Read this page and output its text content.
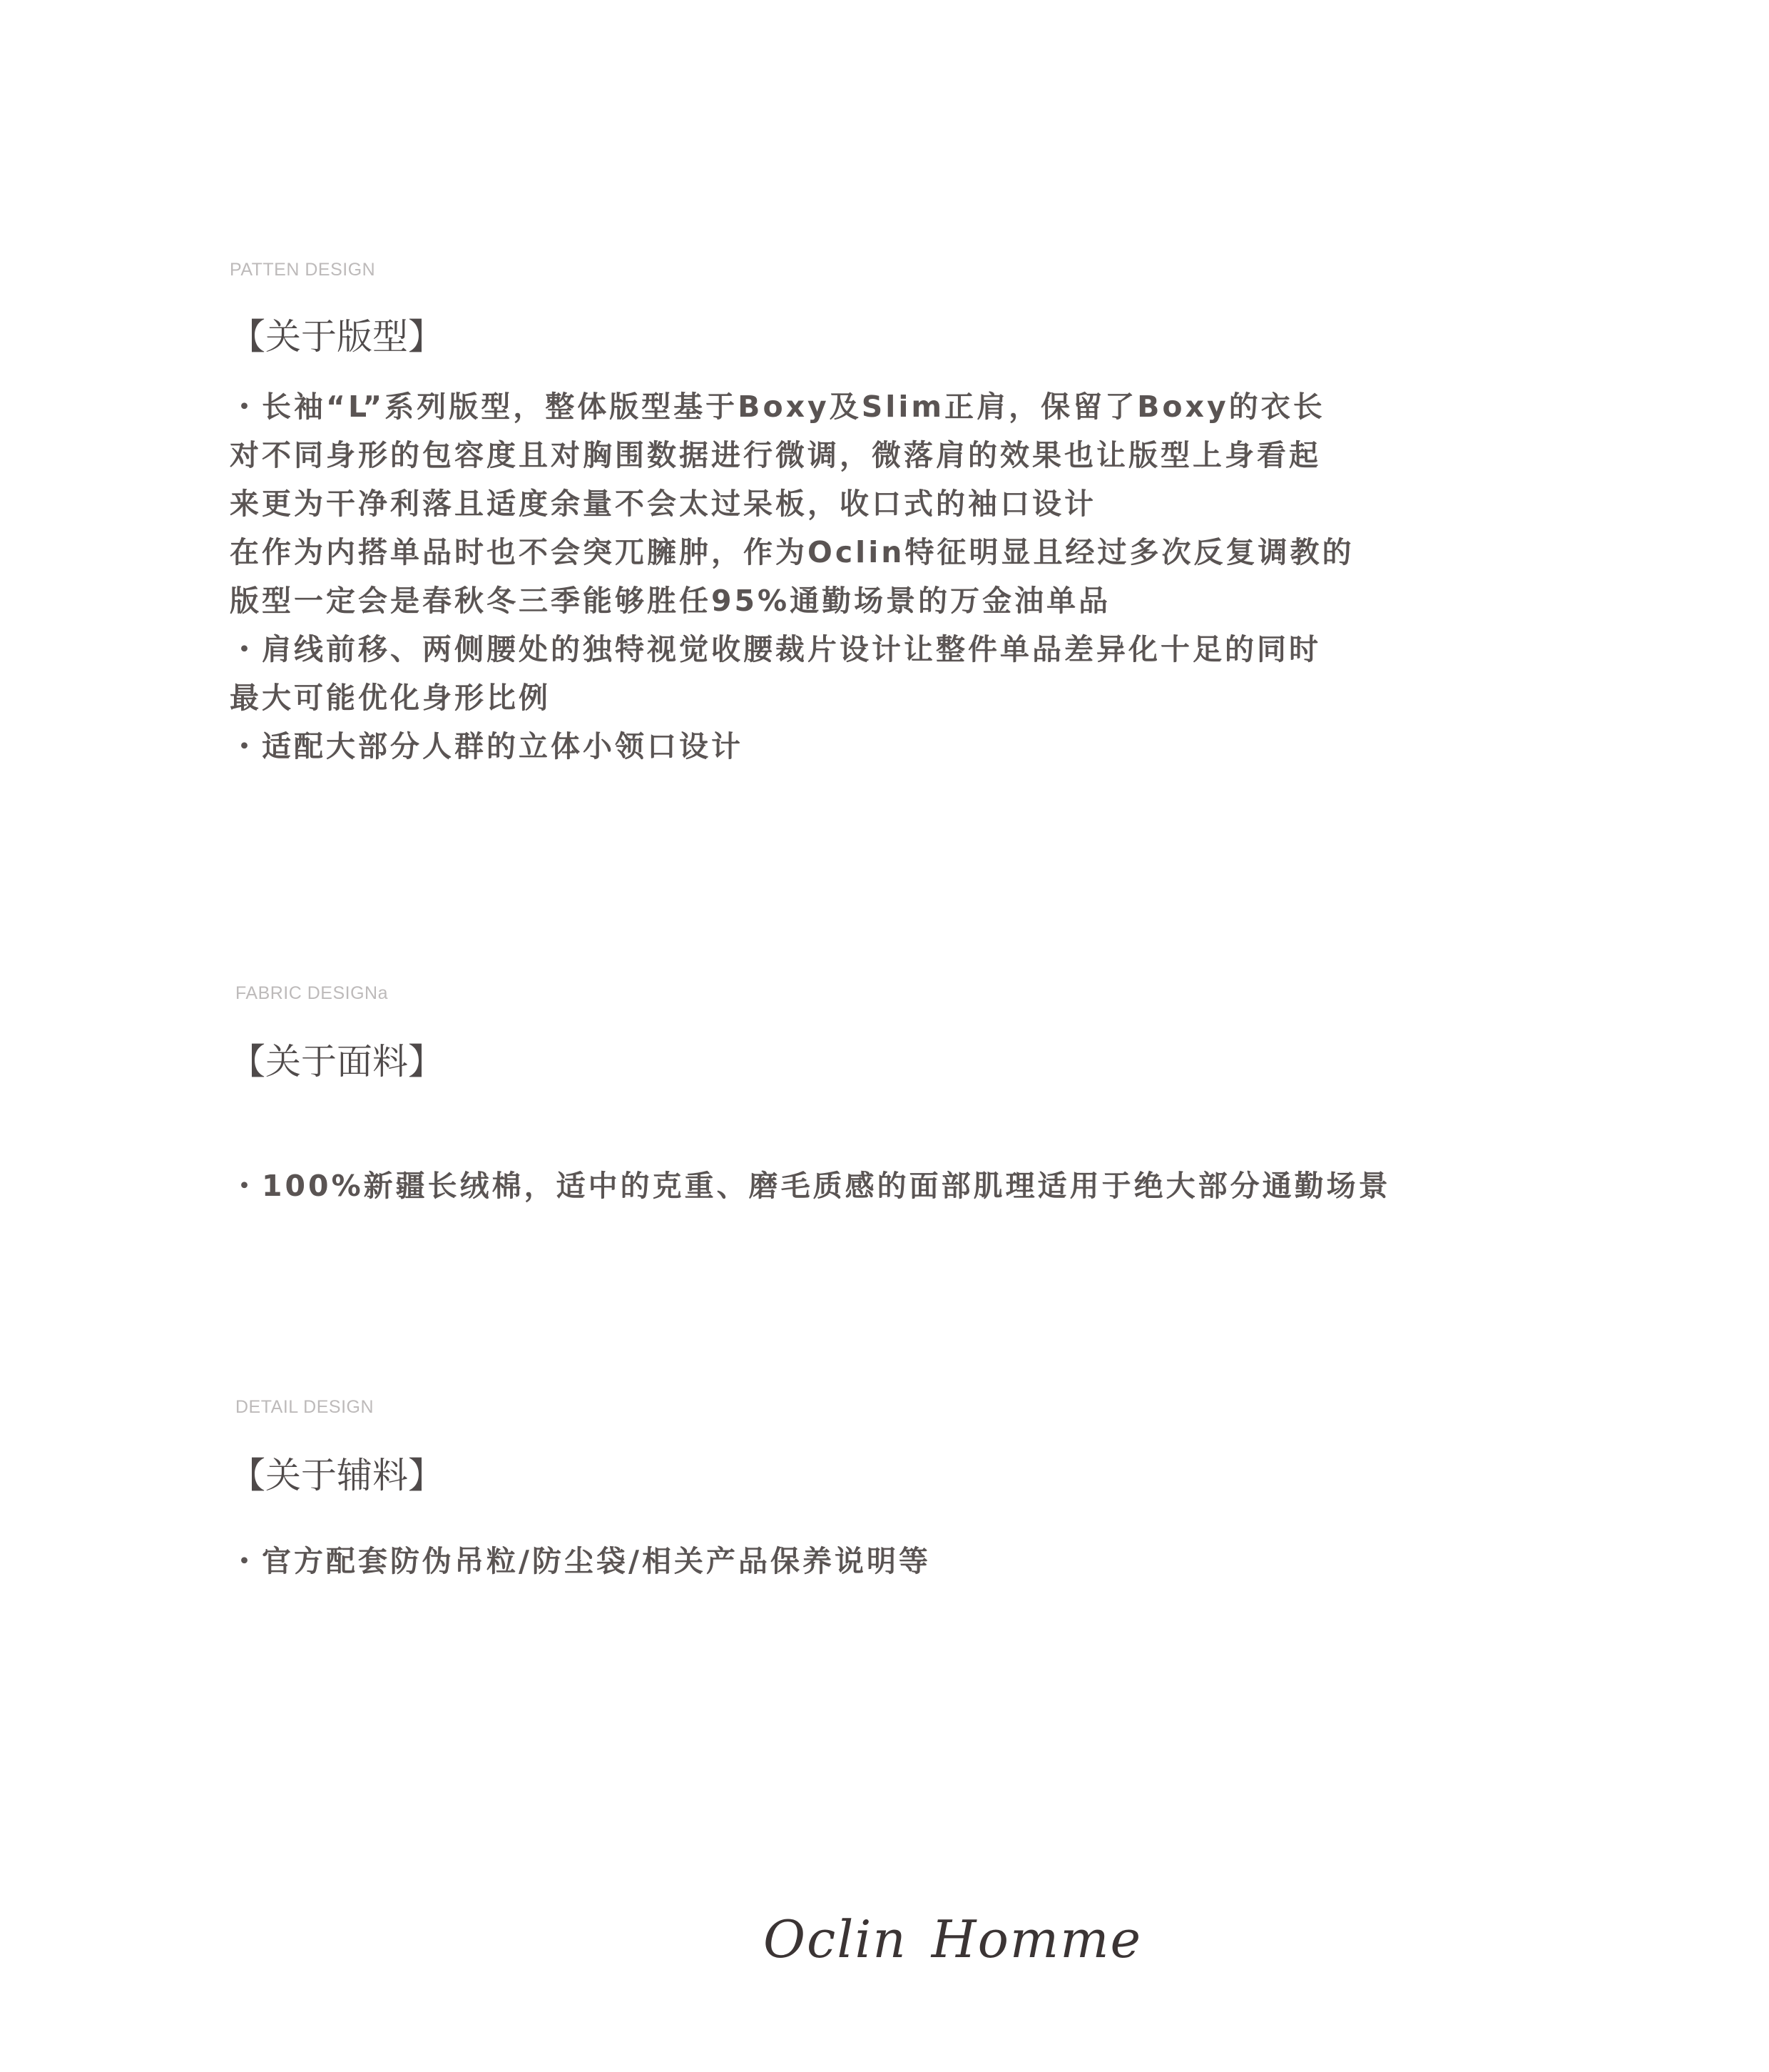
PATTEN DESIGN
【关于版型】
・长袖“L”系列版型，整体版型基于Boxy及Slim正肩，保留了Boxy的衣长
对不同身形的包容度且对胸围数据进行微调，微落肩的效果也让版型上身看起
来更为干净利落且适度余量不会太过呆板，收口式的袖口设计
在作为内搭单品时也不会突兀臃肿，作为Oclin特征明显且经过多次反复调教的
版型一定会是春秋冬三季能够胜任95%通勤场景的万金油单品
・肩线前移、两侧腰处的独特视觉收腰裁片设计让整件单品差异化十足的同时
最大可能优化身形比例
・适配大部分人群的立体小领口设计
FABRIC DESIGNa
【关于面料】
・100%新疆长绒棉，适中的克重、磨毛质感的面部肌理适用于绝大部分通勤场景
DETAIL DESIGN
【关于辅料】
・官方配套防伪吊粒/防尘袋/相关产品保养说明等
Oclin Homme
